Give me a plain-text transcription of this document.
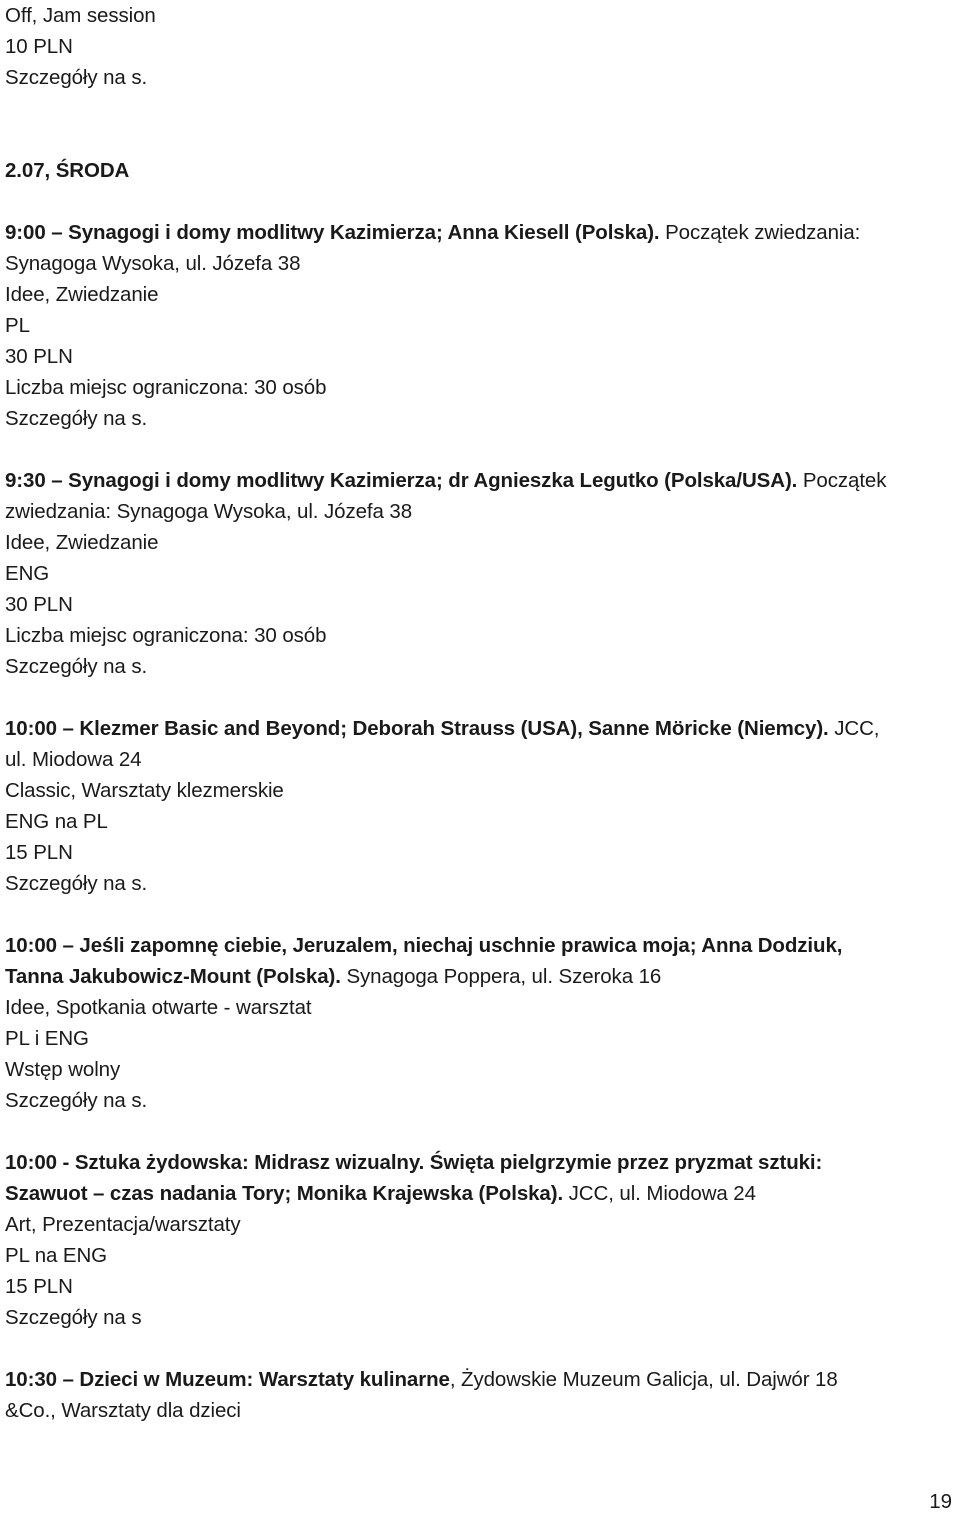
Off, Jam session
10 PLN
Szczegóły na s.
2.07, ŚRODA
9:00 – Synagogi i domy modlitwy Kazimierza; Anna Kiesell (Polska). Początek zwiedzania:
Synagoga Wysoka, ul. Józefa 38
Idee, Zwiedzanie
PL
30 PLN
Liczba miejsc ograniczona: 30 osób
Szczegóły na s.
9:30 – Synagogi i domy modlitwy Kazimierza; dr Agnieszka Legutko (Polska/USA). Początek
zwiedzania: Synagoga Wysoka, ul. Józefa 38
Idee, Zwiedzanie
ENG
30 PLN
Liczba miejsc ograniczona: 30 osób
Szczegóły na s.
10:00 – Klezmer Basic and Beyond; Deborah Strauss (USA), Sanne Möricke (Niemcy). JCC,
ul. Miodowa 24
Classic, Warsztaty klezmerskie
ENG na PL
15 PLN
Szczegóły na s.
10:00 – Jeśli zapomnę ciebie, Jeruzalem, niechaj uschnie prawica moja; Anna Dodziuk,
Tanna Jakubowicz-Mount (Polska). Synagoga Poppera, ul. Szeroka 16
Idee, Spotkania otwarte - warsztat
PL i ENG
Wstęp wolny
Szczegóły na s.
10:00 - Sztuka żydowska: Midrasz wizualny. Święta pielgrzymie przez pryzmat sztuki:
Szawuot – czas nadania Tory; Monika Krajewska (Polska). JCC, ul. Miodowa 24
Art, Prezentacja/warsztaty
PL na ENG
15 PLN
Szczegóły na s
10:30 – Dzieci w Muzeum: Warsztaty kulinarne, Żydowskie Muzeum Galicja, ul. Dajwór 18
&Co., Warsztaty dla dzieci
19
